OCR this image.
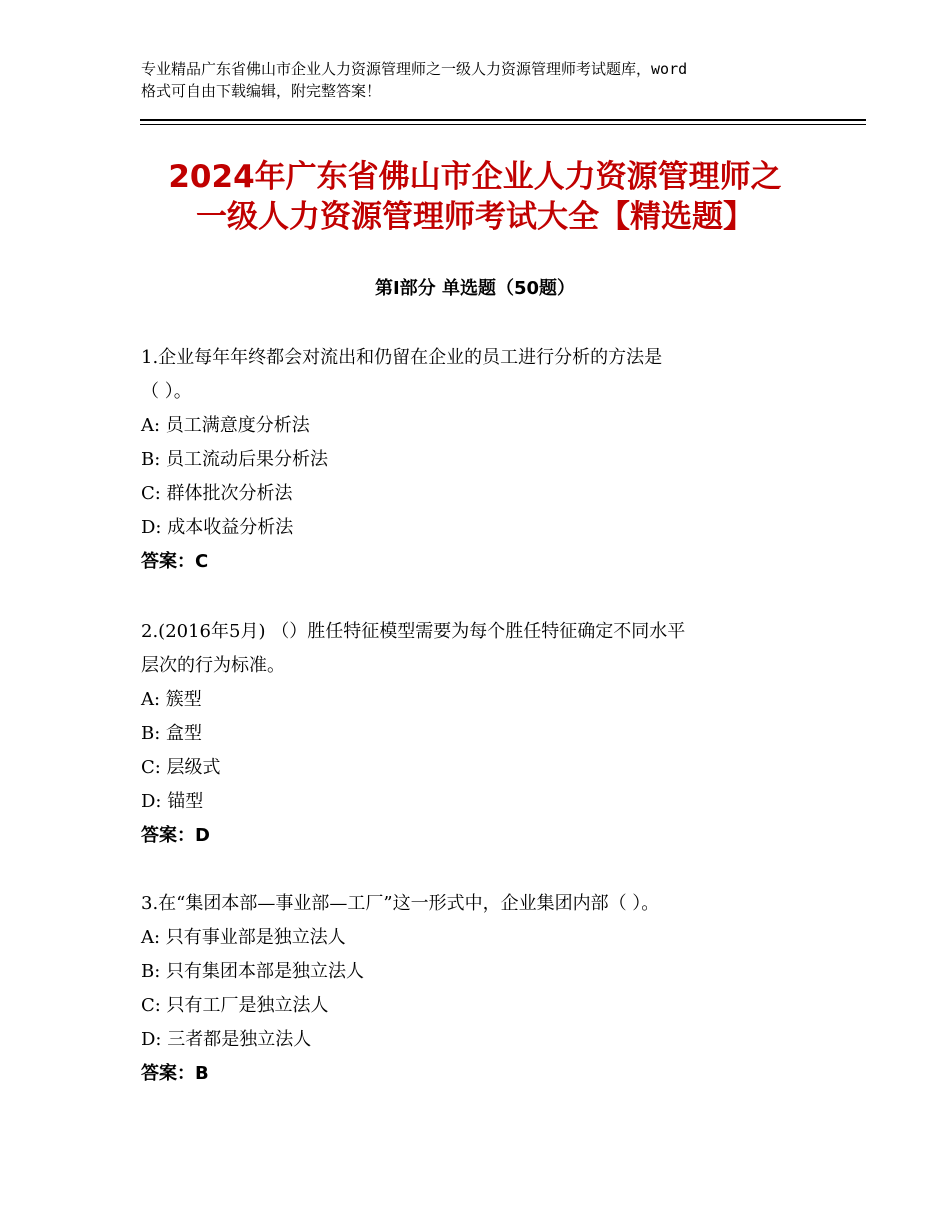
专业精品广东省佛山市企业人力资源管理师之一级人力资源管理师考试题库，word
格式可自由下载编辑，附完整答案！
2024年广东省佛山市企业人力资源管理师之
一级人力资源管理师考试大全【精选题】
第Ⅰ部分 单选题（50题）
1.企业每年年终都会对流出和仍留在企业的员工进行分析的方法是
（ ）。
A: 员工满意度分析法
B: 员工流动后果分析法
C: 群体批次分析法
D: 成本收益分析法
答案：C
2.(2016年5月) （）胜任特征模型需要为每个胜任特征确定不同水平
层次的行为标准。
A: 簇型
B: 盒型
C: 层级式
D: 锚型
答案：D
3.在“集团本部—事业部—工厂”这一形式中，企业集团内部（ ）。
A: 只有事业部是独立法人
B: 只有集团本部是独立法人
C: 只有工厂是独立法人
D: 三者都是独立法人
答案：B
